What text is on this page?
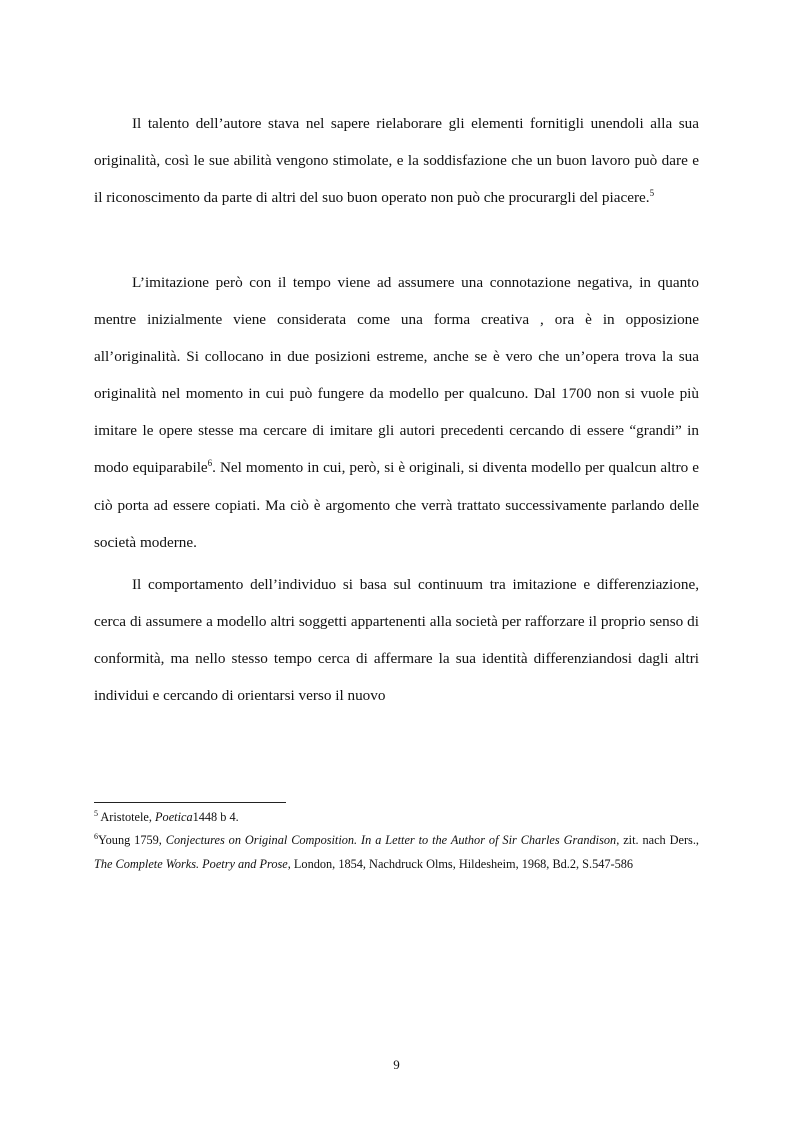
Il talento dell’autore stava nel sapere rielaborare gli elementi fornitigli unendoli alla sua originalità, così le sue abilità vengono stimolate, e la soddisfazione che un buon lavoro può dare e il riconoscimento da parte di altri del suo buon operato non può che procurargli del piacere.$^5$

L’imitazione però con il tempo viene ad assumere una connotazione negativa, in quanto mentre inizialmente viene considerata come una forma creativa , ora è in opposizione all’originalità. Si collocano in due posizioni estreme, anche se è vero che un’opera trova la sua originalità nel momento in cui può fungere da modello per qualcuno. Dal 1700 non si vuole più imitare le opere stesse ma cercare di imitare gli autori precedenti cercando di essere “grandi” in modo equiparabile$^6$. Nel momento in cui, però, si è originali, si diventa modello per qualcun altro e ciò porta ad essere copiati. Ma ciò è argomento che verrà trattato successivamente parlando delle società moderne.

Il comportamento dell’individuo si basa sul continuum tra imitazione e differenziazione, cerca di assumere a modello altri soggetti appartenenti alla società per rafforzare il proprio senso di conformità, ma nello stesso tempo cerca di affermare la sua identità differenziandosi dagli altri individui e cercando di orientarsi verso il nuovo

$^5$ Aristotele, Poetica1448 b 4.

$^6$Young 1759, Conjectures on Original Composition. In a Letter to the Author of Sir Charles Grandison, zit. nach Ders., The Complete Works. Poetry and Prose, London, 1854, Nachdruck Olms, Hildesheim, 1968, Bd.2, S.547-586

9
